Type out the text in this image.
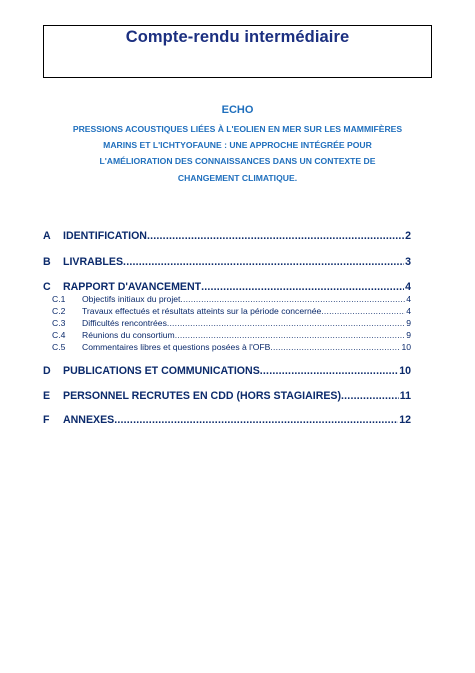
Compte-rendu intermédiaire
ECHO
PRESSIONS ACOUSTIQUES LIÉES À L'EOLIEN EN MER SUR LES MAMMIFÈRES
MARINS ET L'ICHTYOFAUNE : UNE APPROCHE INTÉGRÉE POUR
L'AMÉLIORATION DES CONNAISSANCES DANS UN CONTEXTE DE
CHANGEMENT CLIMATIQUE.
A	IDENTIFICATION .....	2
B	LIVRABLES .....	3
C	RAPPORT D'AVANCEMENT .....	4
C.1	Objectifs initiaux du projet .....	4
C.2	Travaux effectués et résultats atteints sur la période concernée .....	4
C.3	Difficultés rencontrées .....	9
C.4	Réunions du consortium .....	9
C.5	Commentaires libres et questions posées à l'OFB .....	10
D	PUBLICATIONS ET COMMUNICATIONS .....	10
E	PERSONNEL RECRUTES EN CDD (HORS STAGIAIRES) .....	11
F	ANNEXES .....	12
